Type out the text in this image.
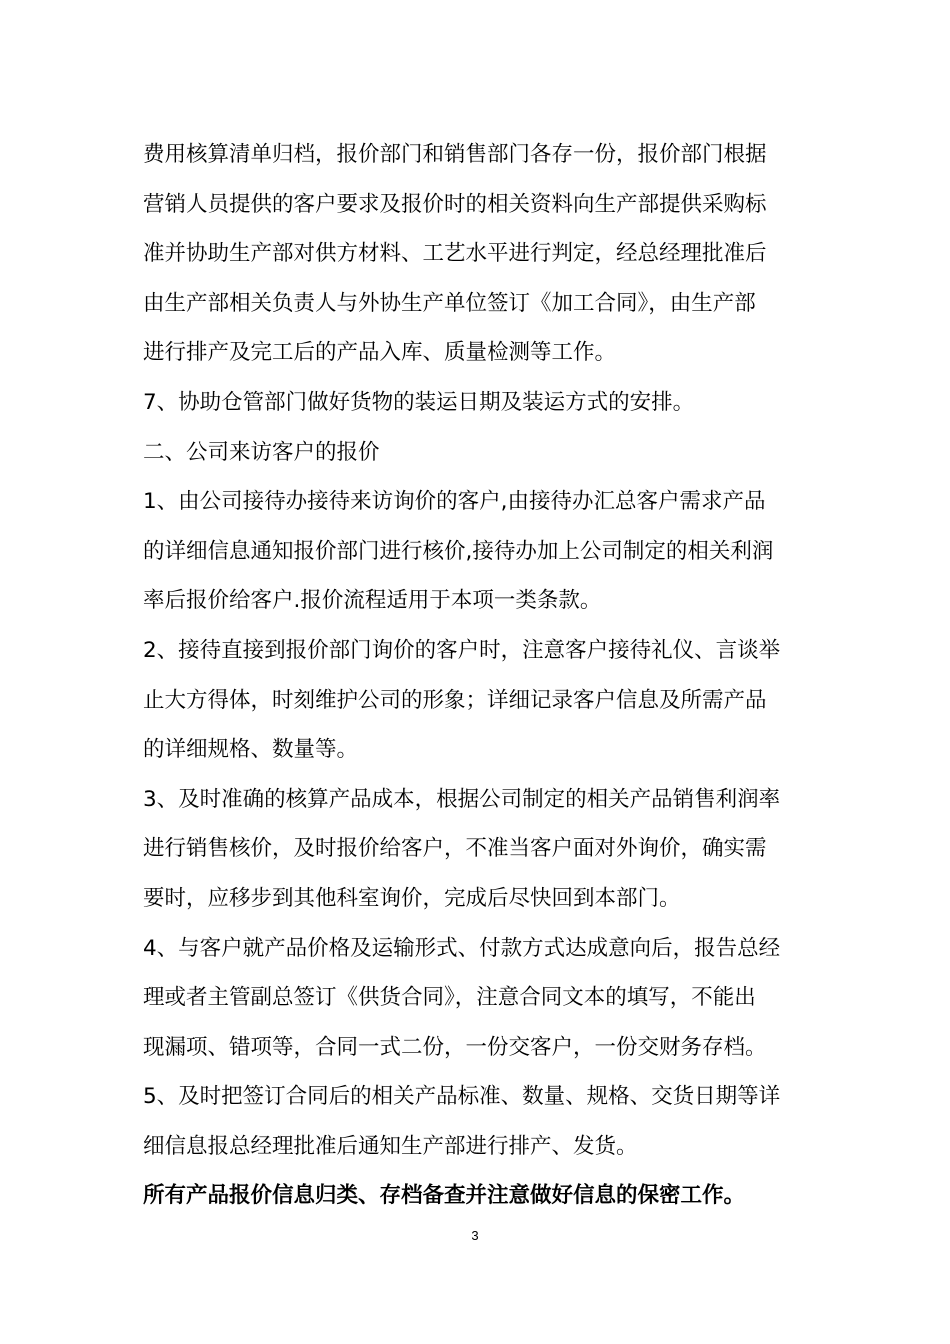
费用核算清单归档，报价部门和销售部门各存一份，报价部门根据
营销人员提供的客户要求及报价时的相关资料向生产部提供采购标
准并协助生产部对供方材料、工艺水平进行判定，经总经理批准后
由生产部相关负责人与外协生产单位签订《加工合同》，由生产部
进行排产及完工后的产品入库、质量检测等工作。
7、协助仓管部门做好货物的装运日期及装运方式的安排。
二、公司来访客户的报价
1、由公司接待办接待来访询价的客户,由接待办汇总客户需求产品
的详细信息通知报价部门进行核价,接待办加上公司制定的相关利润
率后报价给客户.报价流程适用于本项一类条款。
2、接待直接到报价部门询价的客户时，注意客户接待礼仪、言谈举
止大方得体，时刻维护公司的形象；详细记录客户信息及所需产品
的详细规格、数量等。
3、及时准确的核算产品成本，根据公司制定的相关产品销售利润率
进行销售核价，及时报价给客户，不准当客户面对外询价，确实需
要时，应移步到其他科室询价，完成后尽快回到本部门。
4、与客户就产品价格及运输形式、付款方式达成意向后，报告总经
理或者主管副总签订《供货合同》，注意合同文本的填写，不能出
现漏项、错项等，合同一式二份，一份交客户，一份交财务存档。
5、及时把签订合同后的相关产品标准、数量、规格、交货日期等详
细信息报总经理批准后通知生产部进行排产、发货。
所有产品报价信息归类、存档备查并注意做好信息的保密工作。
3
